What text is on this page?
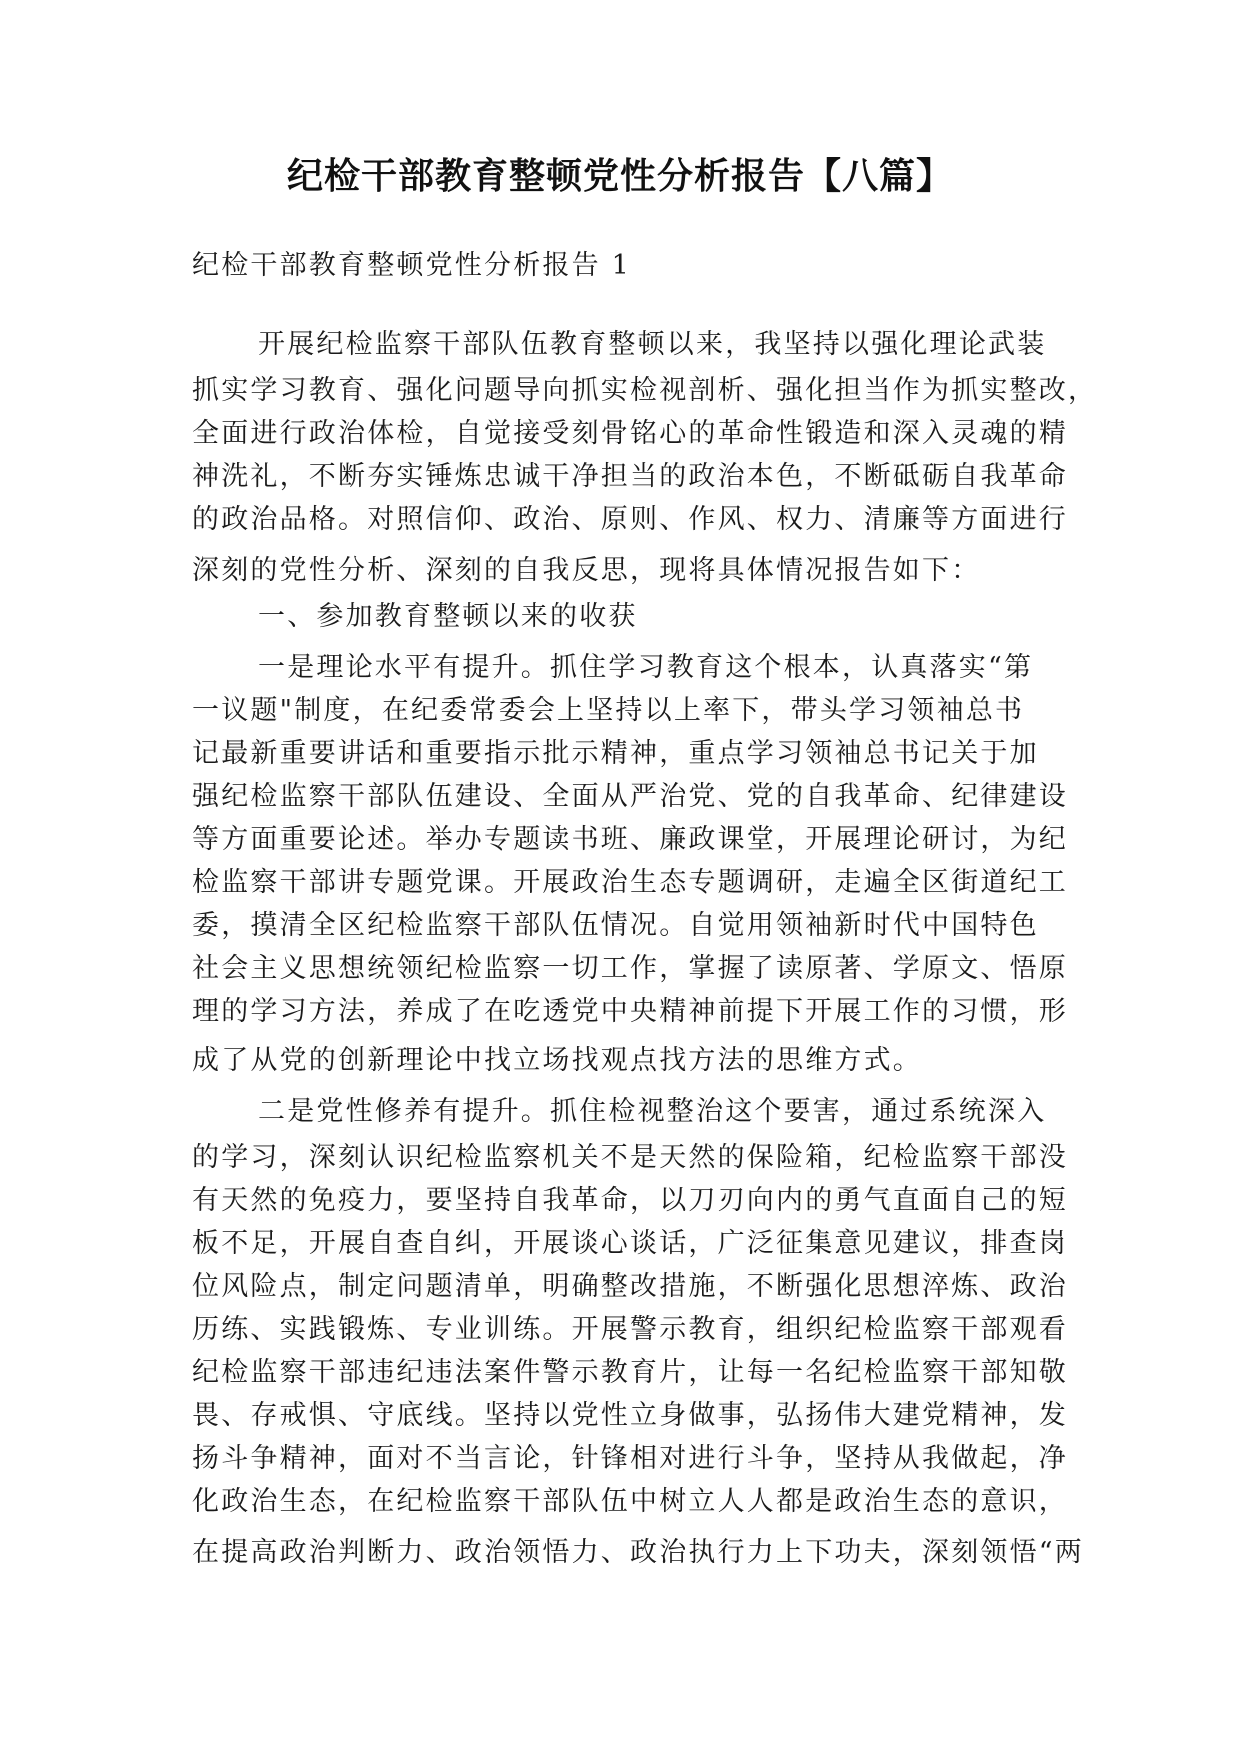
纪检干部教育整顿党性分析报告【八篇】
纪检干部教育整顿党性分析报告 1
开展纪检监察干部队伍教育整顿以来，我坚持以强化理论武装
抓实学习教育、强化问题导向抓实检视剖析、强化担当作为抓实整改，
全面进行政治体检，自觉接受刻骨铭心的革命性锻造和深入灵魂的精
神洗礼，不断夯实锤炼忠诚干净担当的政治本色，不断砥砺自我革命
的政治品格。对照信仰、政治、原则、作风、权力、清廉等方面进行
深刻的党性分析、深刻的自我反思，现将具体情况报告如下：
一、参加教育整顿以来的收获
一是理论水平有提升。抓住学习教育这个根本，认真落实“第
一议题"制度，在纪委常委会上坚持以上率下，带头学习领袖总书
记最新重要讲话和重要指示批示精神，重点学习领袖总书记关于加
强纪检监察干部队伍建设、全面从严治党、党的自我革命、纪律建设
等方面重要论述。举办专题读书班、廉政课堂，开展理论研讨，为纪
检监察干部讲专题党课。开展政治生态专题调研，走遍全区街道纪工
委，摸清全区纪检监察干部队伍情况。自觉用领袖新时代中国特色
社会主义思想统领纪检监察一切工作，掌握了读原著、学原文、悟原
理的学习方法，养成了在吃透党中央精神前提下开展工作的习惯，形
成了从党的创新理论中找立场找观点找方法的思维方式。
二是党性修养有提升。抓住检视整治这个要害，通过系统深入
的学习，深刻认识纪检监察机关不是天然的保险箱，纪检监察干部没
有天然的免疫力，要坚持自我革命，以刀刃向内的勇气直面自己的短
板不足，开展自查自纠，开展谈心谈话，广泛征集意见建议，排查岗
位风险点，制定问题清单，明确整改措施，不断强化思想淬炼、政治
历练、实践锻炼、专业训练。开展警示教育，组织纪检监察干部观看
纪检监察干部违纪违法案件警示教育片，让每一名纪检监察干部知敬
畏、存戒惧、守底线。坚持以党性立身做事，弘扬伟大建党精神，发
扬斗争精神，面对不当言论，针锋相对进行斗争，坚持从我做起，净
化政治生态，在纪检监察干部队伍中树立人人都是政治生态的意识，
在提高政治判断力、政治领悟力、政治执行力上下功夫，深刻领悟“两
